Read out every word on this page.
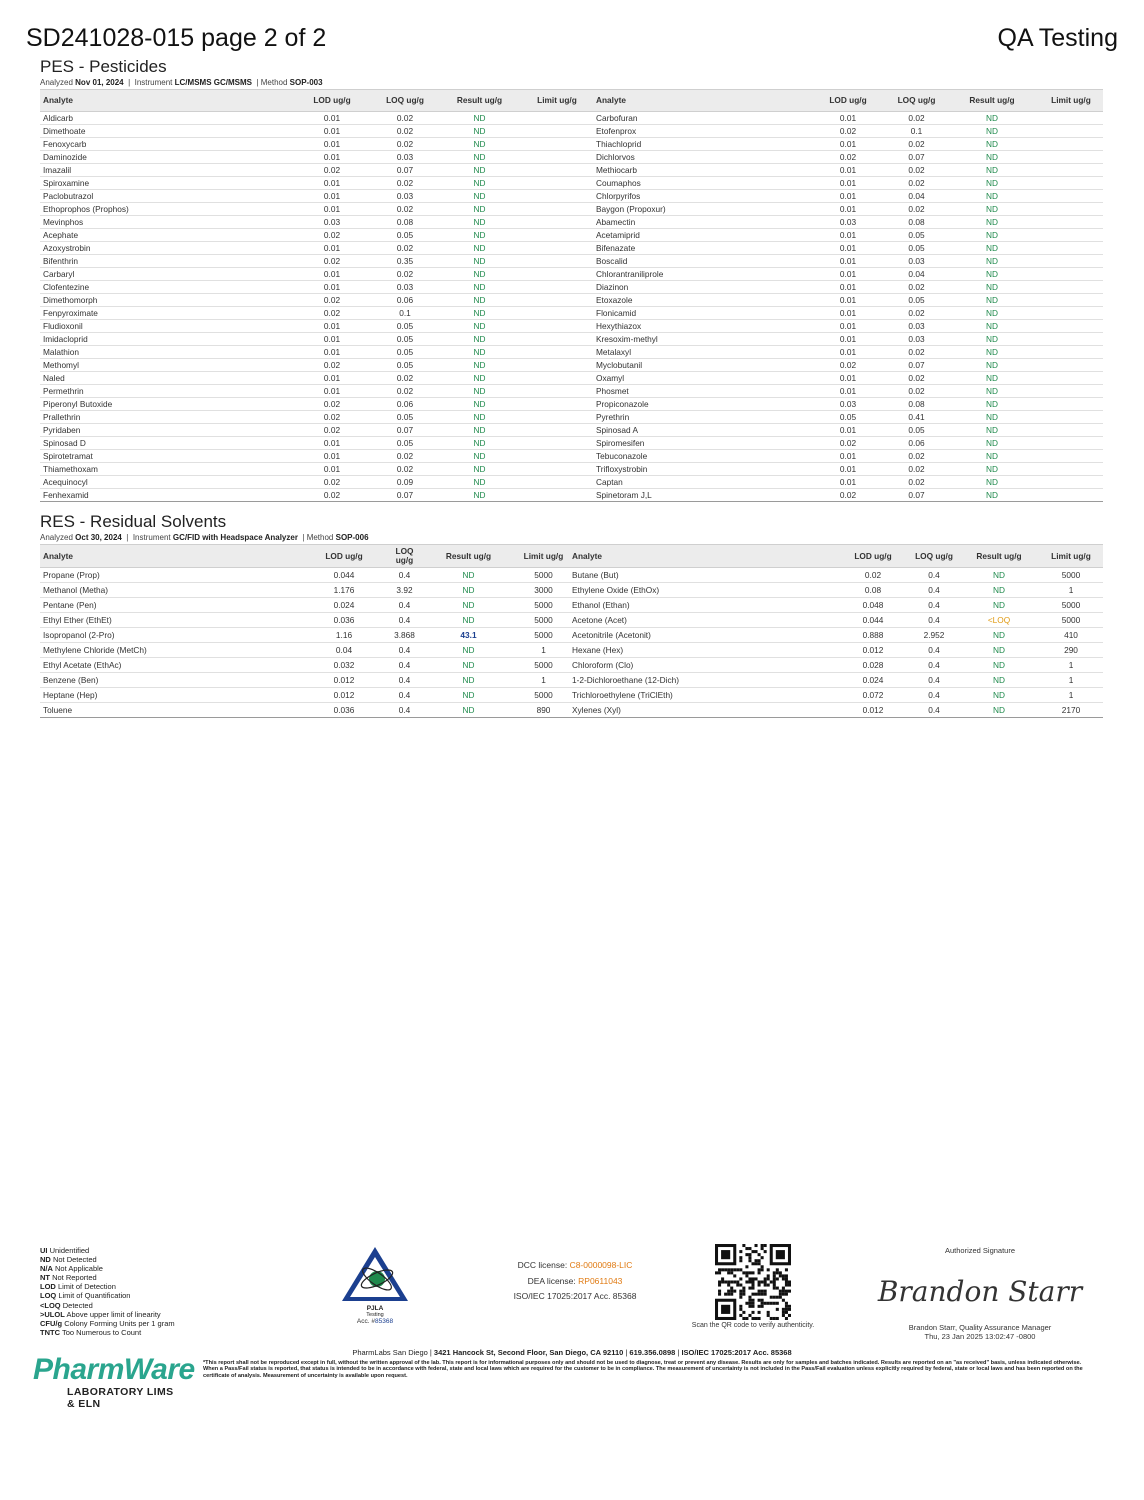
SD241028-015 page 2 of 2	QA Testing
PES - Pesticides
Analyzed Nov 01, 2024  |  Instrument LC/MSMS GC/MSMS  | Method SOP-003
Analyte	LOD ug/g	LOQ ug/g	Result ug/g	Limit ug/g	Analyte	LOD ug/g	LOQ ug/g	Result ug/g	Limit ug/g
Aldicarb	0.01	0.02	ND		Carbofuran	0.01	0.02	ND	
Dimethoate	0.01	0.02	ND		Etofenprox	0.02	0.1	ND	
Fenoxycarb	0.01	0.02	ND		Thiachloprid	0.01	0.02	ND	
Daminozide	0.01	0.03	ND		Dichlorvos	0.02	0.07	ND	
Imazalil	0.02	0.07	ND		Methiocarb	0.01	0.02	ND	
Spiroxamine	0.01	0.02	ND		Coumaphos	0.01	0.02	ND	
Paclobutrazol	0.01	0.03	ND		Chlorpyrifos	0.01	0.04	ND	
Ethoprophos (Prophos)	0.01	0.02	ND		Baygon (Propoxur)	0.01	0.02	ND	
Mevinphos	0.03	0.08	ND		Abamectin	0.03	0.08	ND	
Acephate	0.02	0.05	ND		Acetamiprid	0.01	0.05	ND	
Azoxystrobin	0.01	0.02	ND		Bifenazate	0.01	0.05	ND	
Bifenthrin	0.02	0.35	ND		Boscalid	0.01	0.03	ND	
Carbaryl	0.01	0.02	ND		Chlorantraniliprole	0.01	0.04	ND	
Clofentezine	0.01	0.03	ND		Diazinon	0.01	0.02	ND	
Dimethomorph	0.02	0.06	ND		Etoxazole	0.01	0.05	ND	
Fenpyroximate	0.02	0.1	ND		Flonicamid	0.01	0.02	ND	
Fludioxonil	0.01	0.05	ND		Hexythiazox	0.01	0.03	ND	
Imidacloprid	0.01	0.05	ND		Kresoxim-methyl	0.01	0.03	ND	
Malathion	0.01	0.05	ND		Metalaxyl	0.01	0.02	ND	
Methomyl	0.02	0.05	ND		Myclobutanil	0.02	0.07	ND	
Naled	0.01	0.02	ND		Oxamyl	0.01	0.02	ND	
Permethrin	0.01	0.02	ND		Phosmet	0.01	0.02	ND	
Piperonyl Butoxide	0.02	0.06	ND		Propiconazole	0.03	0.08	ND	
Prallethrin	0.02	0.05	ND		Pyrethrin	0.05	0.41	ND	
Pyridaben	0.02	0.07	ND		Spinosad A	0.01	0.05	ND	
Spinosad D	0.01	0.05	ND		Spiromesifen	0.02	0.06	ND	
Spirotetramat	0.01	0.02	ND		Tebuconazole	0.01	0.02	ND	
Thiamethoxam	0.01	0.02	ND		Trifloxystrobin	0.01	0.02	ND	
Acequinocyl	0.02	0.09	ND		Captan	0.01	0.02	ND	
Fenhexamid	0.02	0.07	ND		Spinetoram J,L	0.02	0.07	ND	
RES - Residual Solvents
Analyzed Oct 30, 2024  |  Instrument GC/FID with Headspace Analyzer  | Method SOP-006
Analyte	LOD ug/g	LOQ ug/g	Result ug/g	Limit ug/g	Analyte	LOD ug/g	LOQ ug/g	Result ug/g	Limit ug/g
Propane (Prop)	0.044	0.4	ND	5000	Butane (But)	0.02	0.4	ND	5000
Methanol (Metha)	1.176	3.92	ND	3000	Ethylene Oxide (EthOx)	0.08	0.4	ND	1
Pentane (Pen)	0.024	0.4	ND	5000	Ethanol (Ethan)	0.048	0.4	ND	5000
Ethyl Ether (EthEt)	0.036	0.4	ND	5000	Acetone (Acet)	0.044	0.4	<LOQ	5000
Isopropanol (2-Pro)	1.16	3.868	43.1	5000	Acetonitrile (Acetonit)	0.888	2.952	ND	410
Methylene Chloride (MetCh)	0.04	0.4	ND	1	Hexane (Hex)	0.012	0.4	ND	290
Ethyl Acetate (EthAc)	0.032	0.4	ND	5000	Chloroform (Clo)	0.028	0.4	ND	1
Benzene (Ben)	0.012	0.4	ND	1	1-2-Dichloroethane (12-Dich)	0.024	0.4	ND	1
Heptane (Hep)	0.012	0.4	ND	5000	Trichloroethylene (TriClEth)	0.072	0.4	ND	1
Toluene	0.036	0.4	ND	890	Xylenes (Xyl)	0.012	0.4	ND	2170
UI Unidentified
ND Not Detected
N/A Not Applicable
NT Not Reported
LOD Limit of Detection
LOQ Limit of Quantification
<LOQ Detected
>ULOL Above upper limit of linearity
CFU/g Colony Forming Units per 1 gram
TNTC Too Numerous to Count
PJLA
Testing
Acc. #85368
DCC license: C8-0000098-LIC
DEA license: RP0611043
ISO/IEC 17025:2017 Acc. 85368
Scan the QR code to verify authenticity.
Authorized Signature
Brandon Starr
Brandon Starr, Quality Assurance Manager
Thu, 23 Jan 2025 13:02:47 -0800
PharmLabs San Diego | 3421 Hancock St, Second Floor, San Diego, CA 92110 | 619.356.0898 | ISO/IEC 17025:2017 Acc. 85368
PharmWare
LABORATORY LIMS & ELN
*This report shall not be reproduced except in full, without the written approval of the lab. This report is for informational purposes only and should not be used to diagnose, treat or prevent any disease. Results are only for samples and batches indicated. Results are reported on an "as received" basis, unless indicated otherwise. When a Pass/Fail status is reported, that status is intended to be in accordance with federal, state and local laws which are required for the customer to be in compliance. The measurement of uncertainty is not included in the Pass/Fail evaluation unless explicitly required by federal, state or local laws and has been reported on the certificate of analysis. Measurement of uncertainty is available upon request.
